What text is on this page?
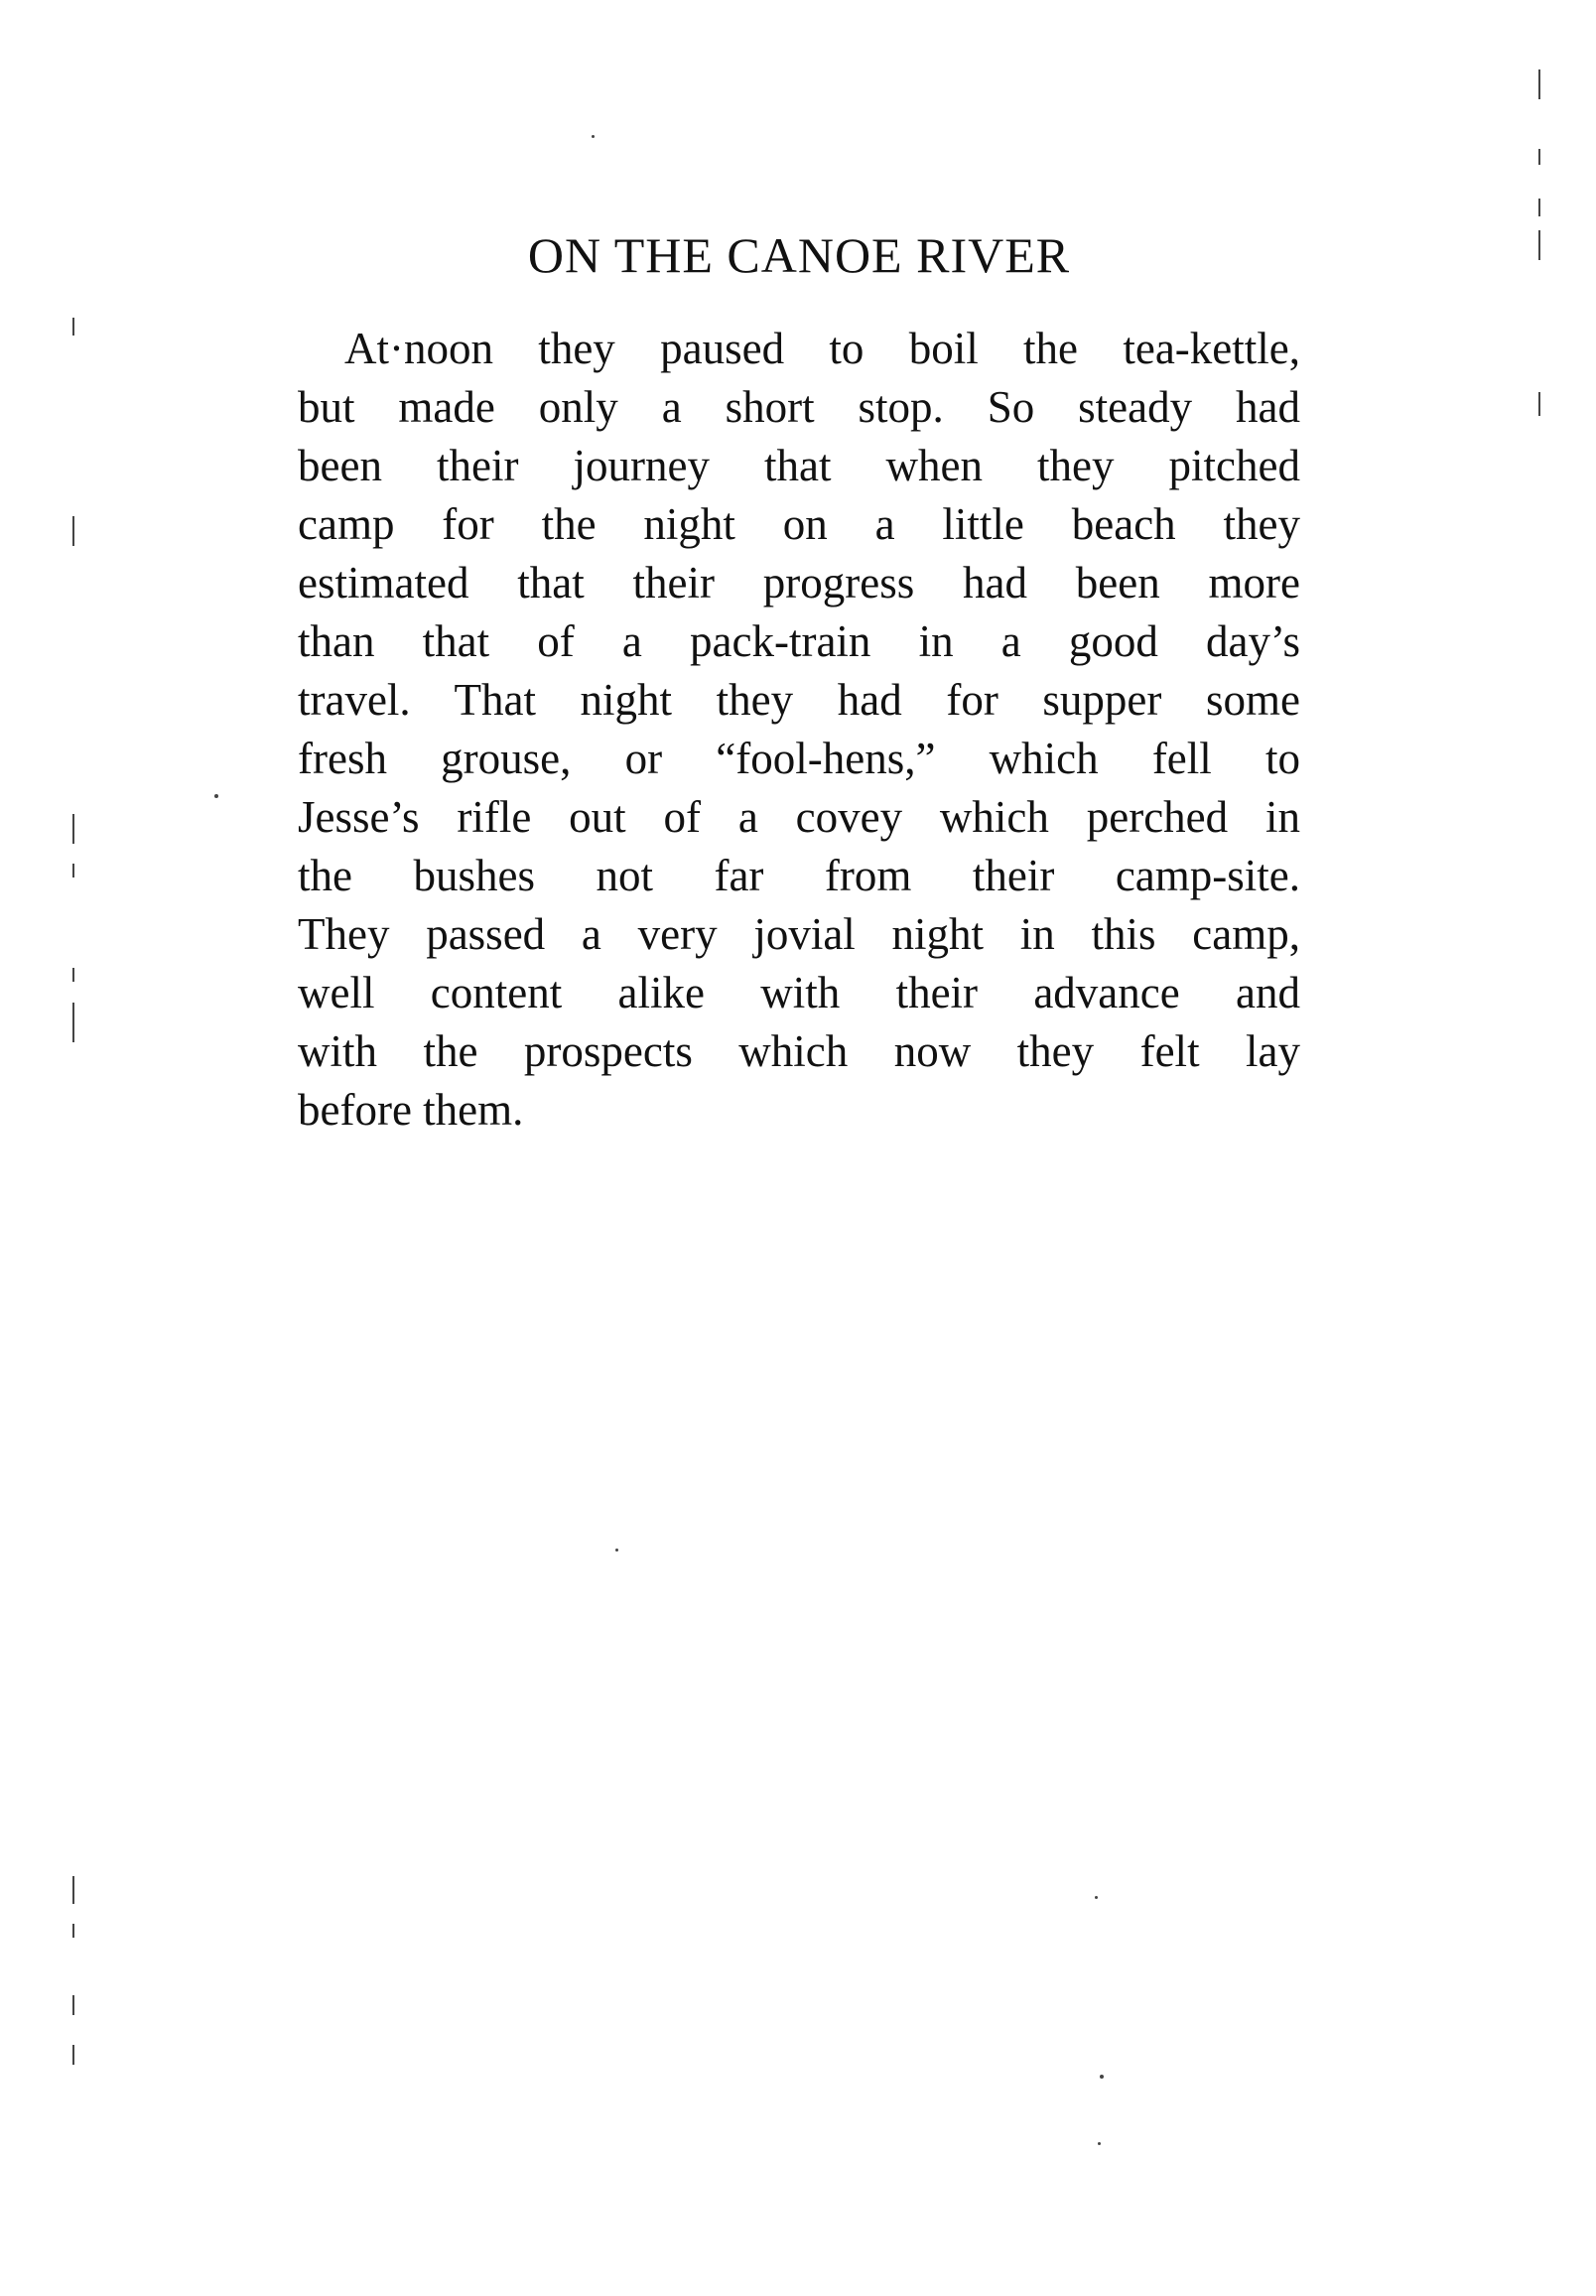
ON THE CANOE RIVER
At·noon they paused to boil the tea-kettle,
but made only a short stop. So steady had
been their journey that when they pitched
camp for the night on a little beach they
estimated that their progress had been more
than that of a pack-train in a good day’s
travel. That night they had for supper some
fresh grouse, or “fool-hens,” which fell to
Jesse’s rifle out of a covey which perched in
the bushes not far from their camp-site.
They passed a very jovial night in this camp,
well content alike with their advance and
with the prospects which now they felt lay
before them.
